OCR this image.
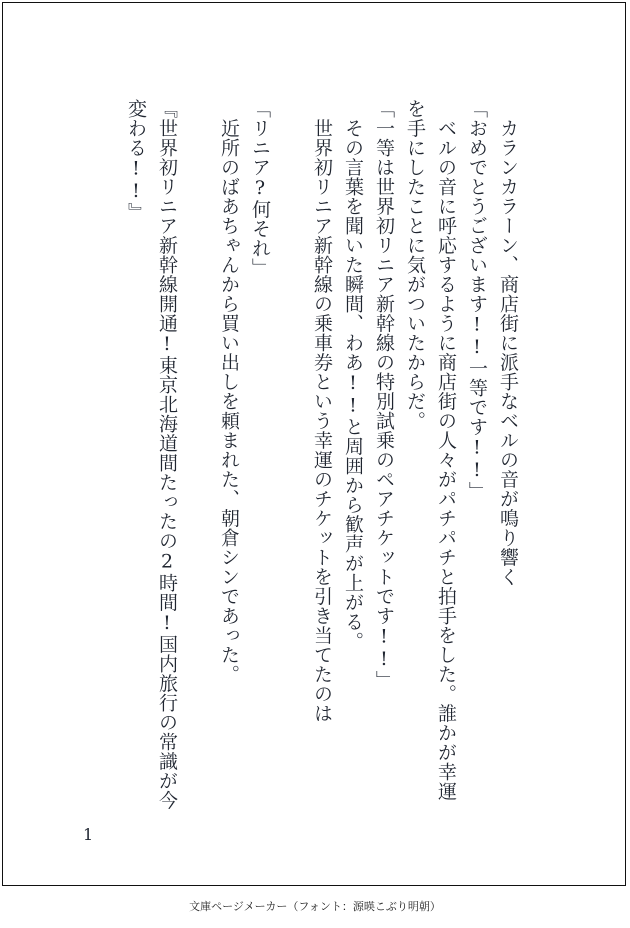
　カランカラーン、商店街に派手なベルの音が鳴り響く

「おめでとうございます!!一等です!!」

　ベルの音に呼応するように商店街の人々がパチパチと拍手をした。誰かが幸運

を手にしたことに気がついたからだ。

「一等は世界初リニア新幹線の特別試乗のペアチケットです!!」

　その言葉を聞いた瞬間、わあ!!と周囲から歓声が上がる。

　世界初リニア新幹線の乗車券という幸運のチケットを引き当てたのは

「リニア?何それ」

　近所のばあちゃんから買い出しを頼まれた、朝倉シンであった。

『世界初リニア新幹線開通!東京北海道間たったの2時間!国内旅行の常識が今

変わる!!』

1
文庫ページメーカー（フォント：源暎こぶり明朝）
